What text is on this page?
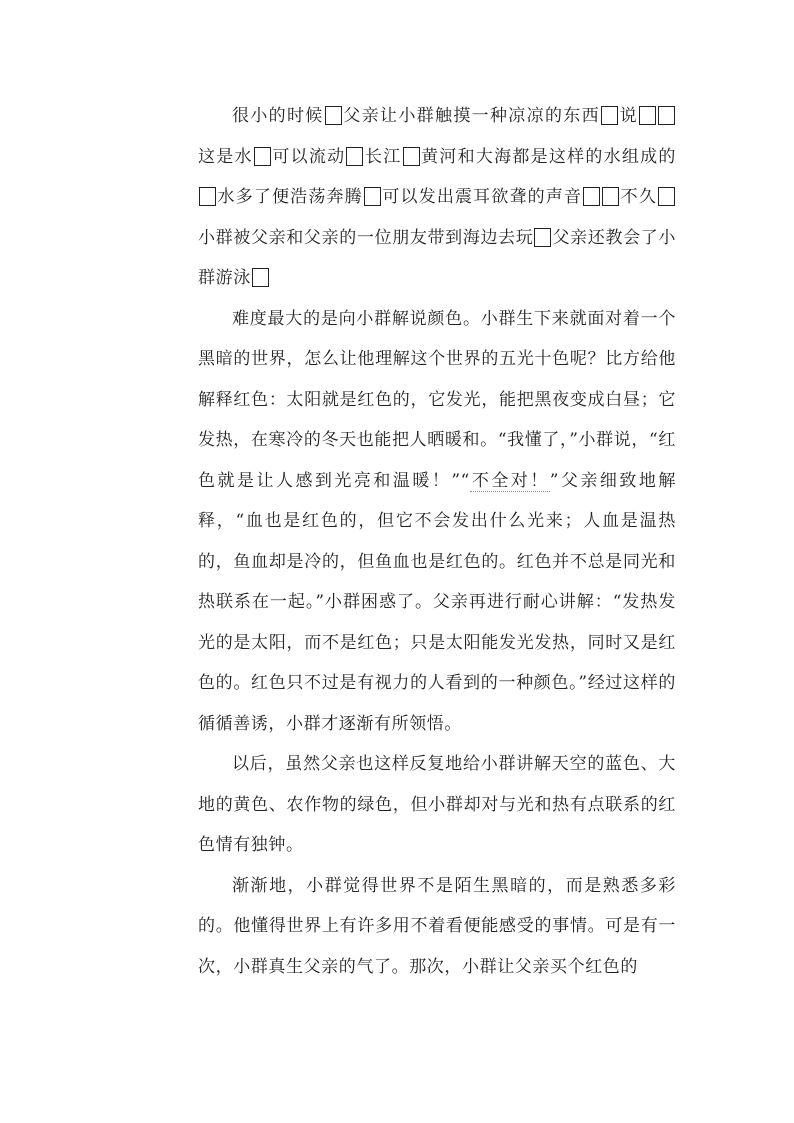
很小的时候 父亲让小群触摸一种凉凉的东西 说这是水 可以流动 长江 黄河和大海都是这样的水组成的水多了便浩荡奔腾 可以发出震耳欲聋的声音 不久小群被父亲和父亲的一位朋友带到海边去玩 父亲还教会了小群游泳

难度最大的是向小群解说颜色。小群生下来就面对着一个黑暗的世界，怎么让他理解这个世界的五光十色呢？比方给他解释红色：太阳就是红色的，它发光，能把黑夜变成白昼；它发热，在寒冷的冬天也能把人晒暖和。“我懂了，”小群说，“红色就是让人感到光亮和温暖！”“不全对！”父亲细致地解释，“血也是红色的，但它不会发出什么光来；人血是温热的，鱼血却是冷的，但鱼血也是红色的。红色并不总是同光和热联系在一起。”小群困惑了。父亲再进行耐心讲解：“发热发光的是太阳，而不是红色；只是太阳能发光发热，同时又是红色的。红色只不过是有视力的人看到的一种颜色。”经过这样的循循善诱，小群才逐渐有所领悟。

以后，虽然父亲也这样反复地给小群讲解天空的蓝色、大地的黄色、农作物的绿色，但小群却对与光和热有点联系的红色情有独钟。

渐渐地，小群觉得世界不是陌生黑暗的，而是熟悉多彩的。他懂得世界上有许多用不着看便能感受的事情。可是有一次，小群真生父亲的气了。那次，小群让父亲买个红色的
